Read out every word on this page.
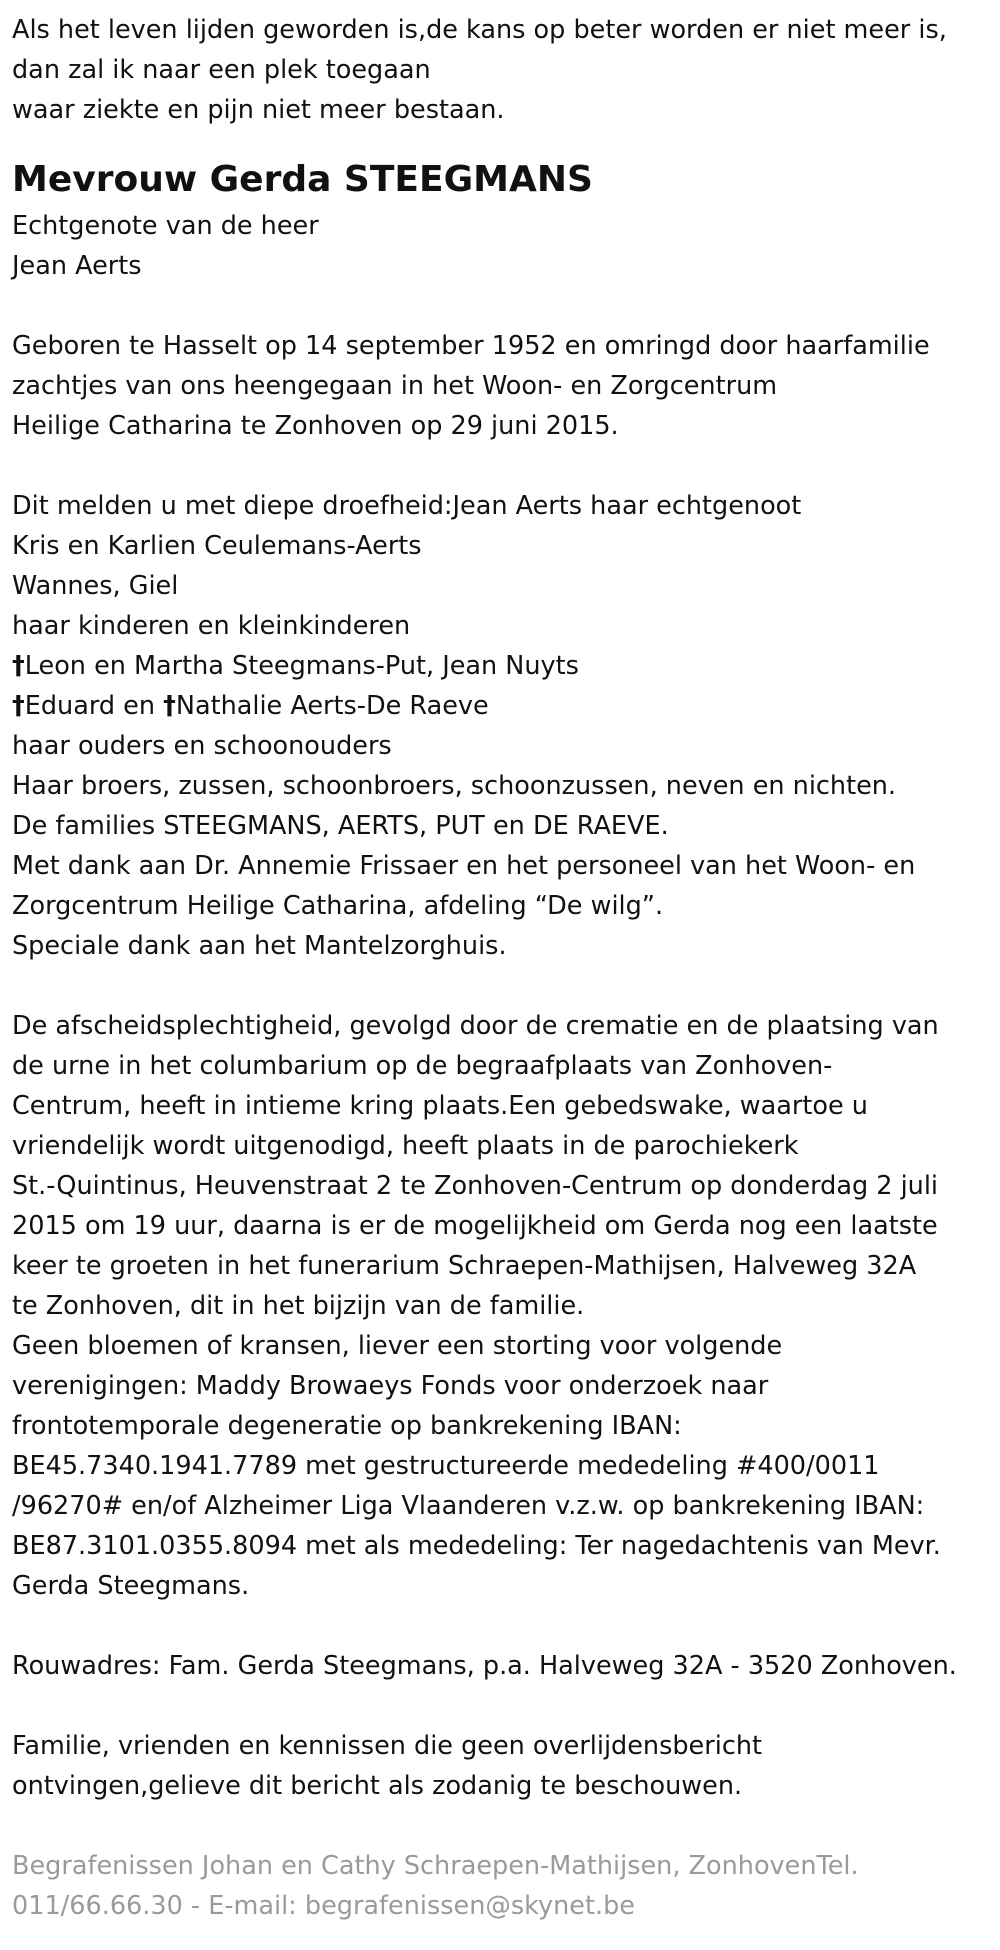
Als het leven lijden geworden is,de kans op beter worden er niet meer is,
dan zal ik naar een plek toegaan
waar ziekte en pijn niet meer bestaan.
Mevrouw Gerda STEEGMANS
Echtgenote van de heer
Jean Aerts
Geboren te Hasselt op 14 september 1952 en omringd door haarfamilie
zachtjes van ons heengegaan in het Woon- en Zorgcentrum
Heilige Catharina te Zonhoven op 29 juni 2015.
Dit melden u met diepe droefheid:Jean Aerts haar echtgenoot
Kris en Karlien Ceulemans-Aerts
Wannes, Giel
haar kinderen en kleinkinderen
†Leon en Martha Steegmans-Put, Jean Nuyts
†Eduard en †Nathalie Aerts-De Raeve
haar ouders en schoonouders
Haar broers, zussen, schoonbroers, schoonzussen, neven en nichten.
De families STEEGMANS, AERTS, PUT en DE RAEVE.
Met dank aan Dr. Annemie Frissaer en het personeel van het Woon- en
Zorgcentrum Heilige Catharina, afdeling “De wilg”.
Speciale dank aan het Mantelzorghuis.
De afscheidsplechtigheid, gevolgd door de crematie en de plaatsing van
de urne in het columbarium op de begraafplaats van Zonhoven-
Centrum, heeft in intieme kring plaats.Een gebedswake, waartoe u
vriendelijk wordt uitgenodigd, heeft plaats in de parochiekerk
St.-Quintinus, Heuvenstraat 2 te Zonhoven-Centrum op donderdag 2 juli
2015 om 19 uur, daarna is er de mogelijkheid om Gerda nog een laatste
keer te groeten in het funerarium Schraepen-Mathijsen, Halveweg 32A
te Zonhoven, dit in het bijzijn van de familie.
Geen bloemen of kransen, liever een storting voor volgende
verenigingen: Maddy Browaeys Fonds voor onderzoek naar
frontotemporale degeneratie op bankrekening IBAN:
BE45.7340.1941.7789 met gestructureerde mededeling #400/0011
/96270# en/of Alzheimer Liga Vlaanderen v.z.w. op bankrekening IBAN:
BE87.3101.0355.8094 met als mededeling: Ter nagedachtenis van Mevr.
Gerda Steegmans.
Rouwadres: Fam. Gerda Steegmans, p.a. Halveweg 32A - 3520 Zonhoven.
Familie, vrienden en kennissen die geen overlijdensbericht
ontvingen,gelieve dit bericht als zodanig te beschouwen.
Begrafenissen Johan en Cathy Schraepen-Mathijsen, ZonhovenTel.
011/66.66.30 - E-mail: begrafenissen@skynet.be
